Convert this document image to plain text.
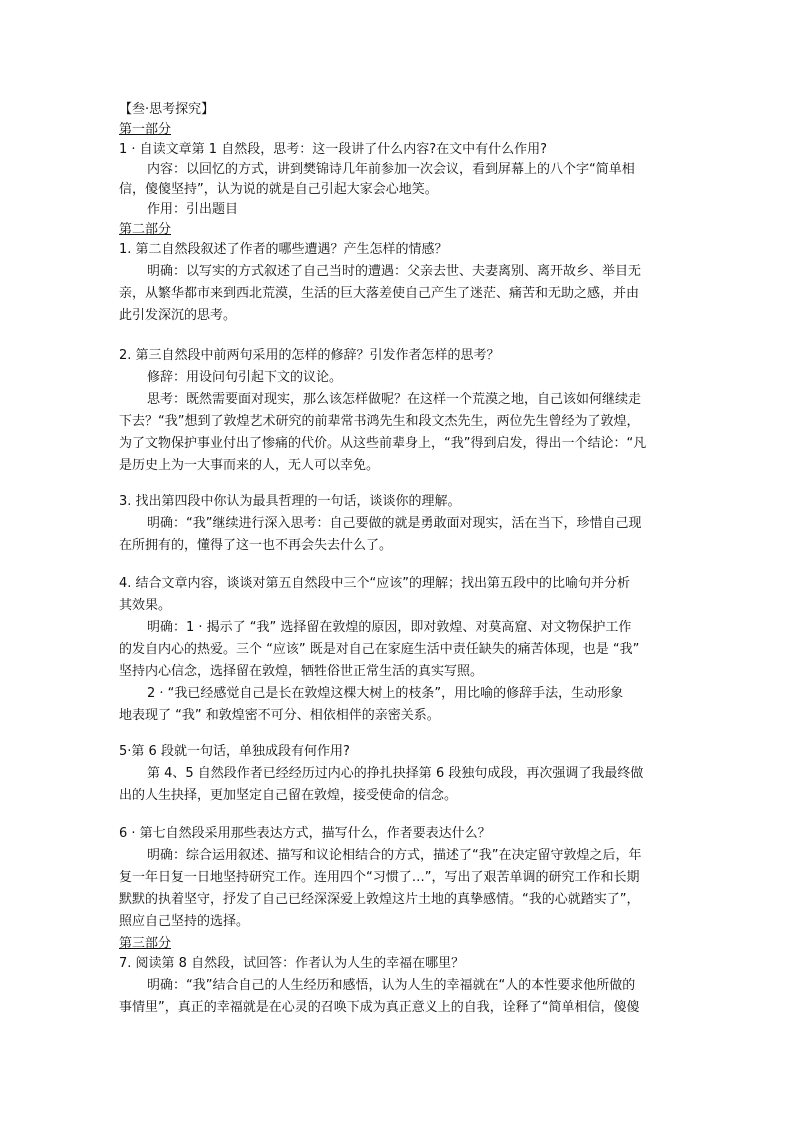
【叁·思考探究】
第一部分
1 · 自读文章第 1 自然段，思考：这一段讲了什么内容?在文中有什么作用?
内容：以回忆的方式，讲到樊锦诗几年前参加一次会议，看到屏幕上的八个字“简单相
信，傻傻坚持”，认为说的就是自己引起大家会心地笑。
作用：引出题目
第二部分
1. 第二自然段叙述了作者的哪些遭遇？产生怎样的情感？
明确：以写实的方式叙述了自己当时的遭遇：父亲去世、夫妻离别、离开故乡、举目无
亲，从繁华都市来到西北荒漠，生活的巨大落差使自己产生了迷茫、痛苦和无助之感，并由
此引发深沉的思考。
2. 第三自然段中前两句采用的怎样的修辞？引发作者怎样的思考？
修辞：用设问句引起下文的议论。
思考：既然需要面对现实，那么该怎样做呢？在这样一个荒漠之地，自己该如何继续走
下去？“我”想到了敦煌艺术研究的前辈常书鸿先生和段文杰先生，两位先生曾经为了敦煌，
为了文物保护事业付出了惨痛的代价。从这些前辈身上，“我”得到启发，得出一个结论：“凡
是历史上为一大事而来的人，无人可以幸免。
3. 找出第四段中你认为最具哲理的一句话，谈谈你的理解。
明确：“我”继续进行深入思考：自己要做的就是勇敢面对现实，活在当下，珍惜自己现
在所拥有的，懂得了这一也不再会失去什么了。
4. 结合文章内容，谈谈对第五自然段中三个“应该”的理解；找出第五段中的比喻句并分析
其效果。
明确：1 · 揭示了 “我” 选择留在敦煌的原因，即对敦煌、对莫高窟、对文物保护工作
的发自内心的热爱。三个 “应该” 既是对自己在家庭生活中责任缺失的痛苦体现，也是 “我”
坚持内心信念，选择留在敦煌，牺牲俗世正常生活的真实写照。
2 · “我已经感觉自己是长在敦煌这棵大树上的枝条”，用比喻的修辞手法，生动形象
地表现了 “我” 和敦煌密不可分、相依相伴的亲密关系。
5·第 6 段就一句话，单独成段有何作用?
第 4、5 自然段作者已经经历过内心的挣扎抉择第 6 段独句成段，再次强调了我最终做
出的人生抉择，更加坚定自己留在敦煌，接受使命的信念。
6 · 第七自然段采用那些表达方式，描写什么，作者要表达什么？
明确：综合运用叙述、描写和议论相结合的方式，描述了“我”在决定留守敦煌之后，年
复一年日复一日地坚持研究工作。连用四个“习惯了…”，写出了艰苦单调的研究工作和长期
默默的执着坚守，抒发了自己已经深深爱上敦煌这片土地的真挚感情。“我的心就踏实了”，
照应自己坚持的选择。
第三部分
7. 阅读第 8 自然段，试回答：作者认为人生的幸福在哪里？
明确：“我”结合自己的人生经历和感悟，认为人生的幸福就在“人的本性要求他所做的
事情里”，真正的幸福就是在心灵的召唤下成为真正意义上的自我，诠释了“简单相信，傻傻
